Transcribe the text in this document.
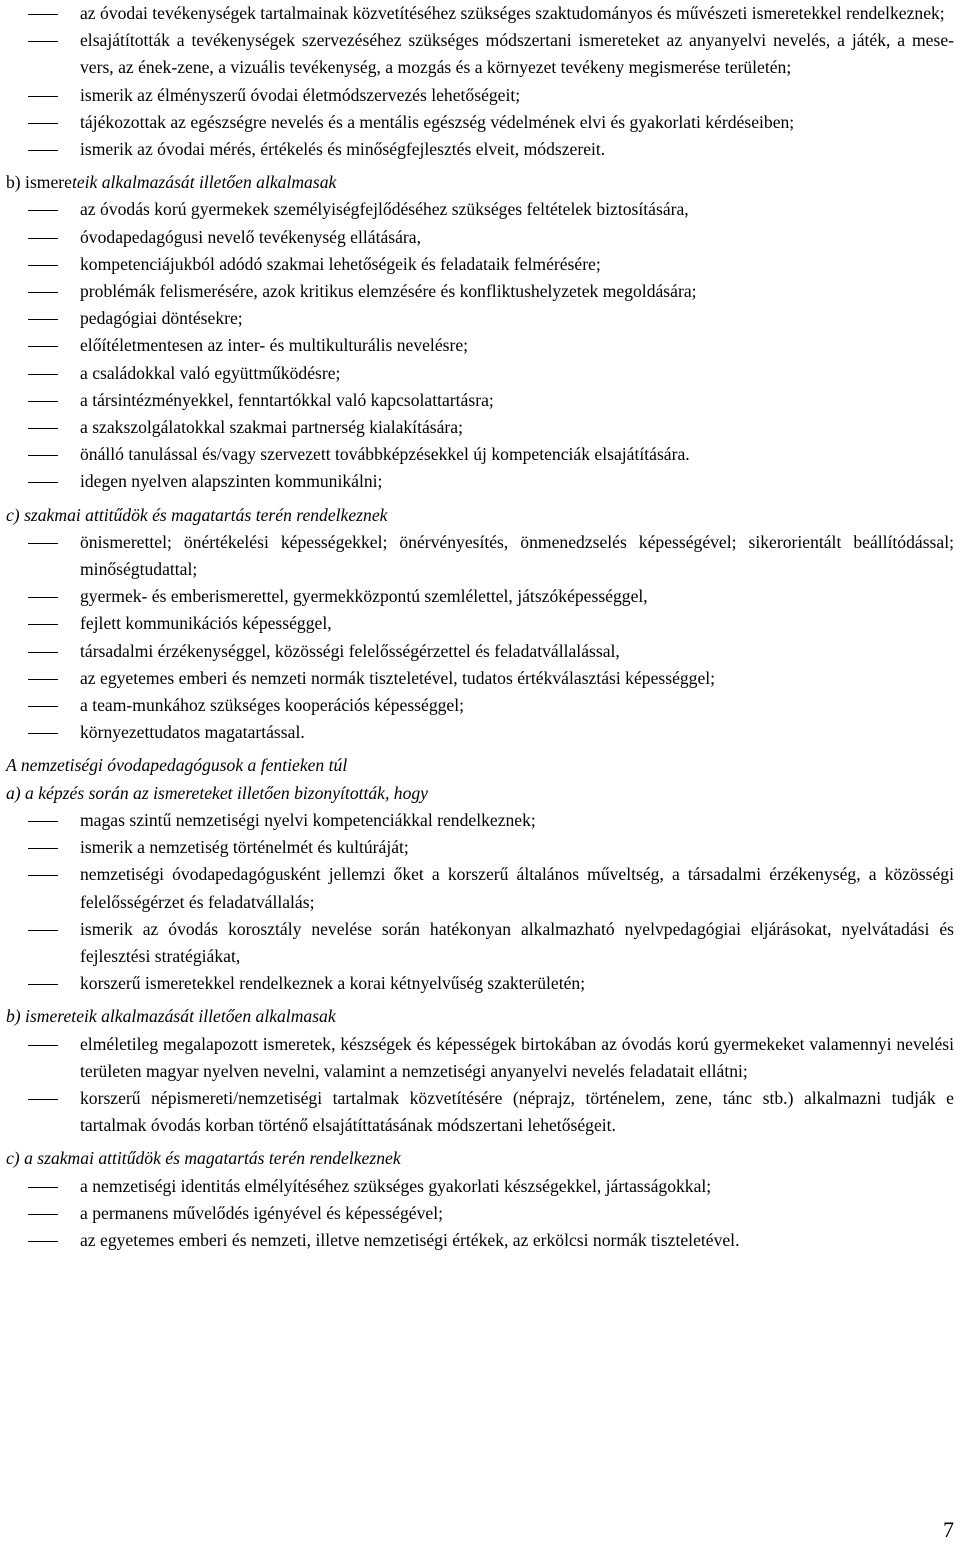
az óvodai tevékenységek tartalmainak közvetítéséhez szükséges szaktudományos és művészeti ismeretekkel rendelkeznek;
elsajátították a tevékenységek szervezéséhez szükséges módszertani ismereteket az anyanyelvi nevelés, a játék, a mese-vers, az ének-zene, a vizuális tevékenység, a mozgás és a környezet tevékeny megismerése területén;
ismerik az élményszerű óvodai életmódszervezés lehetőségeit;
tájékozottak az egészségre nevelés és a mentális egészség védelmének elvi és gyakorlati kérdéseiben;
ismerik az óvodai mérés, értékelés és minőségfejlesztés elveit, módszereit.
b) ismereteik alkalmazását illetően alkalmasak
az óvodás korú gyermekek személyiségfejlődéséhez szükséges feltételek biztosítására,
óvodapedagógusi nevelő tevékenység ellátására,
kompetenciájukból adódó szakmai lehetőségeik és feladataik felmérésére;
problémák felismerésére, azok kritikus elemzésére és konfliktushelyzetek megoldására;
pedagógiai döntésekre;
előítéletmentesen az inter- és multikulturális nevelésre;
a családokkal való együttműködésre;
a társintézményekkel, fenntartókkal való kapcsolattartásra;
a szakszolgálatokkal szakmai partnerség kialakítására;
önálló tanulással és/vagy szervezett továbbképzésekkel új kompetenciák elsajátítására.
idegen nyelven alapszinten kommunikálni;
c) szakmai attitűdök és magatartás terén rendelkeznek
önismerettel; önértékelési képességekkel; önérvényesítés, önmenedzselés képességével; sikerorientált beállítódással; minőségtudattal;
gyermek- és emberismerettel, gyermekközpontú szemlélettel, játszóképességgel,
fejlett kommunikációs képességgel,
társadalmi érzékenységgel, közösségi felelősségérzettel és feladatvállalással,
az egyetemes emberi és nemzeti normák tiszteletével, tudatos értékválasztási képességgel;
a team-munkához szükséges kooperációs képességgel;
környezettudatos magatartással.
A nemzetiségi óvodapedagógusok a fentieken túl
a) a képzés során az ismereteket illetően bizonyították, hogy
magas szintű nemzetiségi nyelvi kompetenciákkal rendelkeznek;
ismerik a nemzetiség történelmét és kultúráját;
nemzetiségi óvodapedagógusként jellemzi őket a korszerű általános műveltség, a társadalmi érzékenység, a közösségi felelősségérzet és feladatvállalás;
ismerik az óvodás korosztály nevelése során hatékonyan alkalmazható nyelvpedagógiai eljárásokat, nyelvátadási és fejlesztési stratégiákat,
korszerű ismeretekkel rendelkeznek a korai kétnyelvűség szakterületén;
b) ismereteik alkalmazását illetően alkalmasak
elméletileg megalapozott ismeretek, készségek és képességek birtokában az óvodás korú gyermekeket valamennyi nevelési területen magyar nyelven nevelni, valamint a nemzetiségi anyanyelvi nevelés feladatait ellátni;
korszerű népismereti/nemzetiségi tartalmak közvetítésére (néprajz, történelem, zene, tánc stb.) alkalmazni tudják e tartalmak óvodás korban történő elsajátíttatásának módszertani lehetőségeit.
c) a szakmai attitűdök és magatartás terén rendelkeznek
a nemzetiségi identitás elmélyítéséhez szükséges gyakorlati készségekkel, jártasságokkal;
a permanens művelődés igényével és képességével;
az egyetemes emberi és nemzeti, illetve nemzetiségi értékek, az erkölcsi normák tiszteletével.
7
